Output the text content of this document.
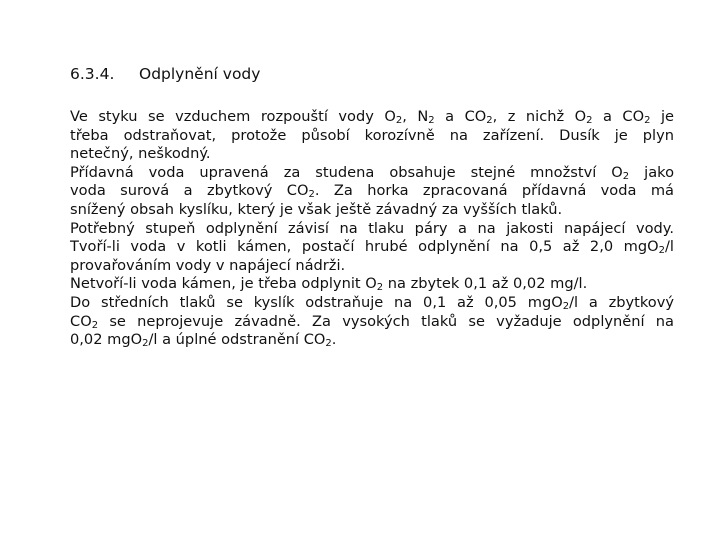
6.3.4. Odplynění vody
Ve styku se vzduchem rozpouští vody $O_2$, $N_2$ a $CO_2$, z nichž $O_2$ a $CO_2$ je
třeba odstraňovat, protože působí korozívně na zařízení. Dusík je plyn
netečný, neškodný.
Přídavná voda upravená za studena obsahuje stejné množství $O_2$ jako
voda surová a zbytkový $CO_2$. Za horka zpracovaná přídavná voda má
snížený obsah kyslíku, který je však ještě závadný za vyšších tlaků.
Potřebný stupeň odplynění závisí na tlaku páry a na jakosti napájecí vody.
Tvoří-li voda v kotli kámen, postačí hrubé odplynění na 0,5 až 2,0 mgO$_2$/l
provařováním vody v napájecí nádrži.
Netvoří-li voda kámen, je třeba odplynit $O_2$ na zbytek 0,1 až 0,02 mg/l.
Do středních tlaků se kyslík odstraňuje na 0,1 až 0,05 mgO$_2$/l a zbytkový
$CO_2$ se neprojevuje závadně. Za vysokých tlaků se vyžaduje odplynění na
0,02 mgO$_2$/l a úplné odstranění $CO_2$.
